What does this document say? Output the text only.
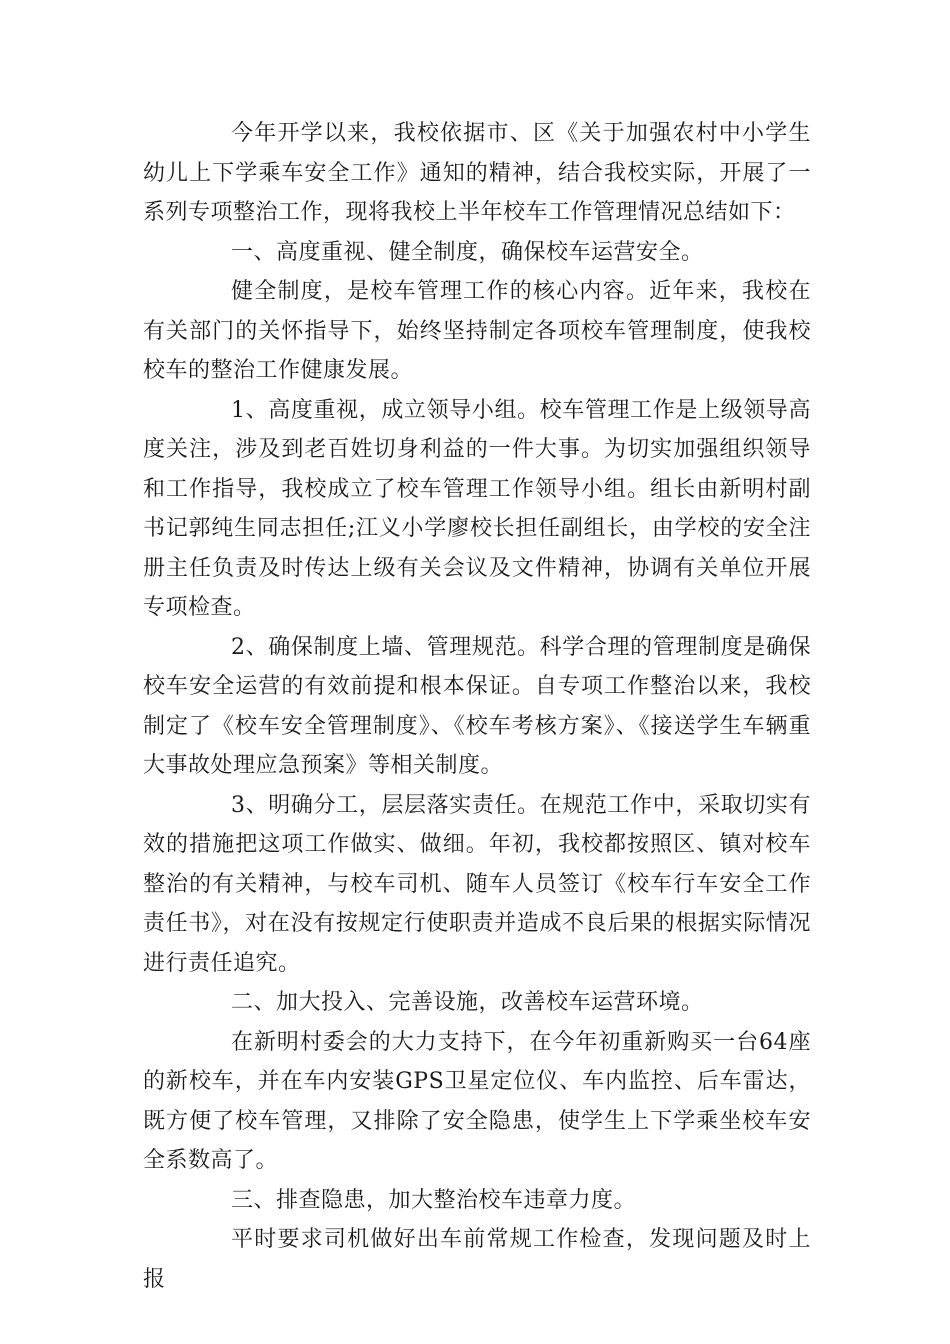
今年开学以来，我校依据市、区《关于加强农村中小学生幼儿上下学乘车安全工作》通知的精神，结合我校实际，开展了一系列专项整治工作，现将我校上半年校车工作管理情况总结如下：

一、高度重视、健全制度，确保校车运营安全。

健全制度，是校车管理工作的核心内容。近年来，我校在有关部门的关怀指导下，始终坚持制定各项校车管理制度，使我校校车的整治工作健康发展。

1、高度重视，成立领导小组。校车管理工作是上级领导高度关注，涉及到老百姓切身利益的一件大事。为切实加强组织领导和工作指导，我校成立了校车管理工作领导小组。组长由新明村副书记郭纯生同志担任;江义小学廖校长担任副组长，由学校的安全注册主任负责及时传达上级有关会议及文件精神，协调有关单位开展专项检查。

2、确保制度上墙、管理规范。科学合理的管理制度是确保校车安全运营的有效前提和根本保证。自专项工作整治以来，我校制定了《校车安全管理制度》、《校车考核方案》、《接送学生车辆重大事故处理应急预案》等相关制度。

3、明确分工，层层落实责任。在规范工作中，采取切实有效的措施把这项工作做实、做细。年初，我校都按照区、镇对校车整治的有关精神，与校车司机、随车人员签订《校车行车安全工作责任书》，对在没有按规定行使职责并造成不良后果的根据实际情况进行责任追究。

二、加大投入、完善设施，改善校车运营环境。

在新明村委会的大力支持下，在今年初重新购买一台64座的新校车，并在车内安装GPS卫星定位仪、车内监控、后车雷达，既方便了校车管理，又排除了安全隐患，使学生上下学乘坐校车安全系数高了。

三、排查隐患，加大整治校车违章力度。

平时要求司机做好出车前常规工作检查，发现问题及时上报
